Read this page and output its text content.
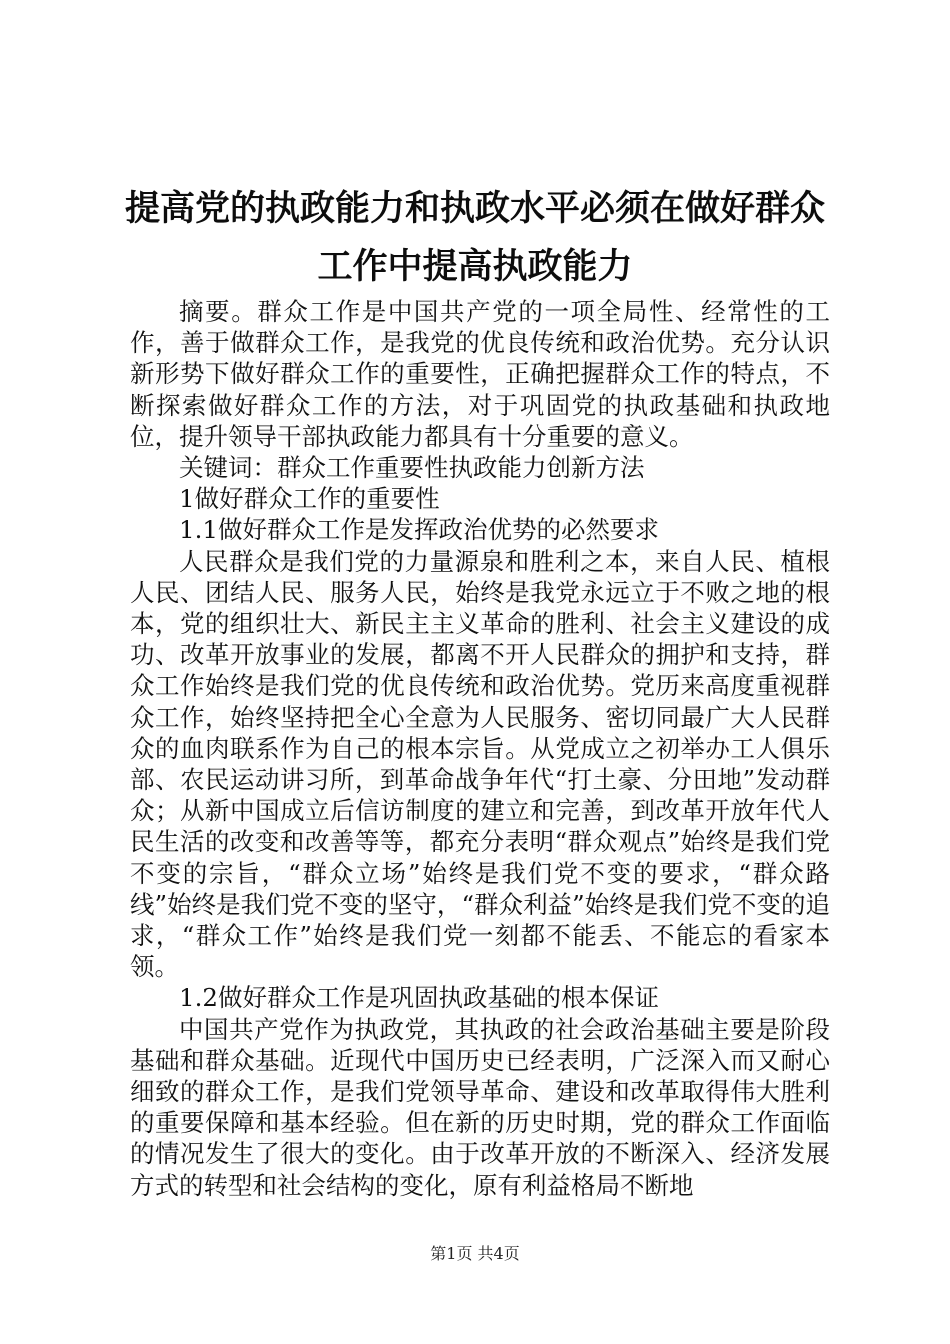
提高党的执政能力和执政水平必须在做好群众
工作中提高执政能力

摘要。群众工作是中国共产党的一项全局性、经常性的工作，善于做群众工作，是我党的优良传统和政治优势。充分认识新形势下做好群众工作的重要性，正确把握群众工作的特点，不断探索做好群众工作的方法，对于巩固党的执政基础和执政地位，提升领导干部执政能力都具有十分重要的意义。

关键词：群众工作重要性执政能力创新方法

1做好群众工作的重要性

1.1做好群众工作是发挥政治优势的必然要求

人民群众是我们党的力量源泉和胜利之本，来自人民、植根人民、团结人民、服务人民，始终是我党永远立于不败之地的根本，党的组织壮大、新民主主义革命的胜利、社会主义建设的成功、改革开放事业的发展，都离不开人民群众的拥护和支持，群众工作始终是我们党的优良传统和政治优势。党历来高度重视群众工作，始终坚持把全心全意为人民服务、密切同最广大人民群众的血肉联系作为自己的根本宗旨。从党成立之初举办工人俱乐部、农民运动讲习所，到革命战争年代“打土豪、分田地”发动群众；从新中国成立后信访制度的建立和完善，到改革开放年代人民生活的改变和改善等等，都充分表明“群众观点”始终是我们党不变的宗旨，“群众立场”始终是我们党不变的要求，“群众路线”始终是我们党不变的坚守，“群众利益”始终是我们党不变的追求，“群众工作”始终是我们党一刻都不能丢、不能忘的看家本领。

1.2做好群众工作是巩固执政基础的根本保证

中国共产党作为执政党，其执政的社会政治基础主要是阶段基础和群众基础。近现代中国历史已经表明，广泛深入而又耐心细致的群众工作，是我们党领导革命、建设和改革取得伟大胜利的重要保障和基本经验。但在新的历史时期，党的群众工作面临的情况发生了很大的变化。由于改革开放的不断深入、经济发展方式的转型和社会结构的变化，原有利益格局不断地

第1页 共4页
